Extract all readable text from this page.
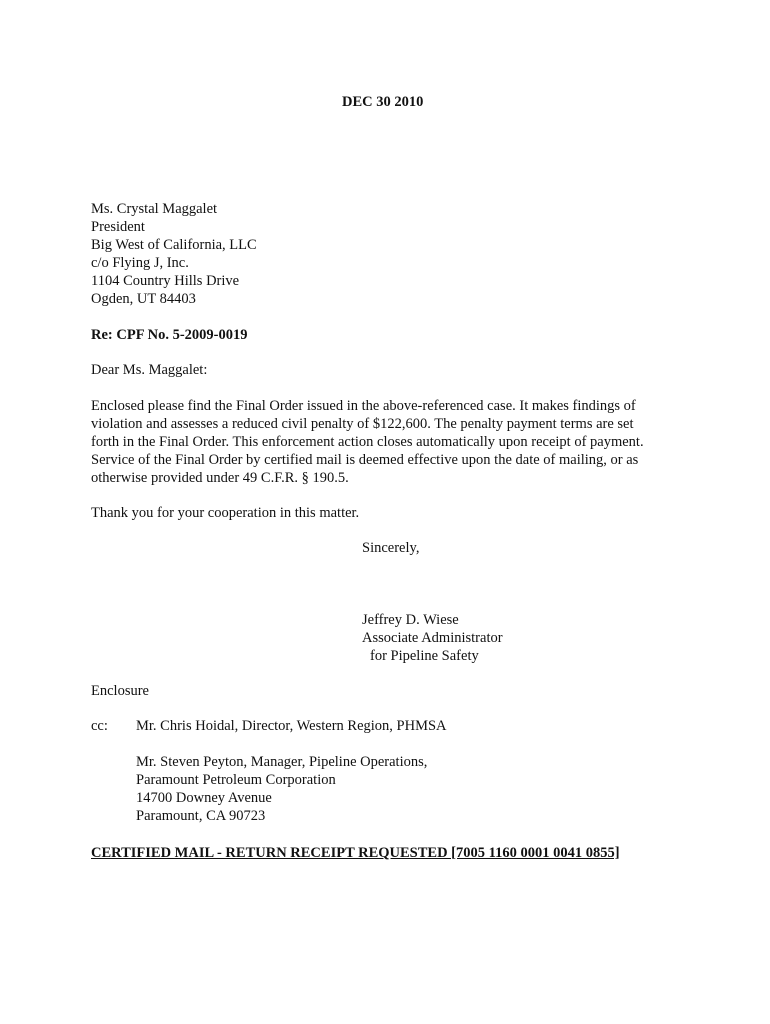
DEC 30 2010
Ms. Crystal Maggalet
President
Big West of California, LLC
c/o Flying J, Inc.
1104 Country Hills Drive
Ogden, UT 84403
Re: CPF No. 5-2009-0019
Dear Ms. Maggalet:
Enclosed please find the Final Order issued in the above-referenced case. It makes findings of
violation and assesses a reduced civil penalty of $122,600. The penalty payment terms are set
forth in the Final Order. This enforcement action closes automatically upon receipt of payment.
Service of the Final Order by certified mail is deemed effective upon the date of mailing, or as
otherwise provided under 49 C.F.R. § 190.5.
Thank you for your cooperation in this matter.
Sincerely,
Jeffrey D. Wiese
Associate Administrator
for Pipeline Safety
Enclosure
cc: Mr. Chris Hoidal, Director, Western Region, PHMSA
Mr. Steven Peyton, Manager, Pipeline Operations,
Paramount Petroleum Corporation
14700 Downey Avenue
Paramount, CA 90723
CERTIFIED MAIL - RETURN RECEIPT REQUESTED [7005 1160 0001 0041 0855]
